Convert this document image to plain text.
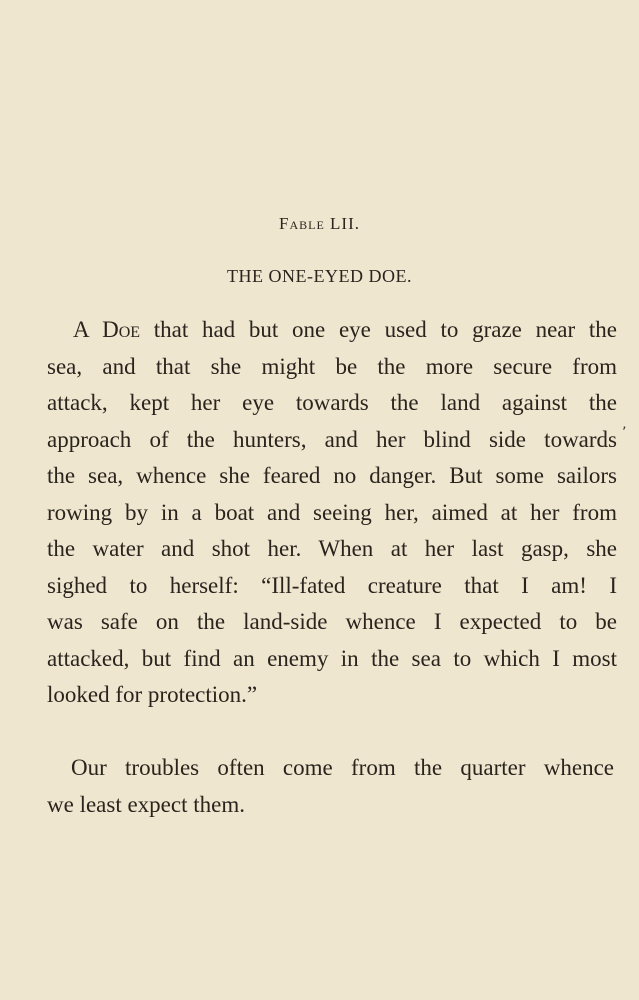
Fable LII.
THE ONE-EYED DOE.
A Doe that had but one eye used to graze near the
sea, and that she might be the more secure from
attack, kept her eye towards the land against the
approach of the hunters, and her blind side towards
the sea, whence she feared no danger. But some sailors
rowing by in a boat and seeing her, aimed at her from
the water and shot her. When at her last gasp, she
sighed to herself: “Ill-fated creature that I am! I
was safe on the land-side whence I expected to be
attacked, but find an enemy in the sea to which I most
looked for protection.”
’
Our troubles often come from the quarter whence
we least expect them.
